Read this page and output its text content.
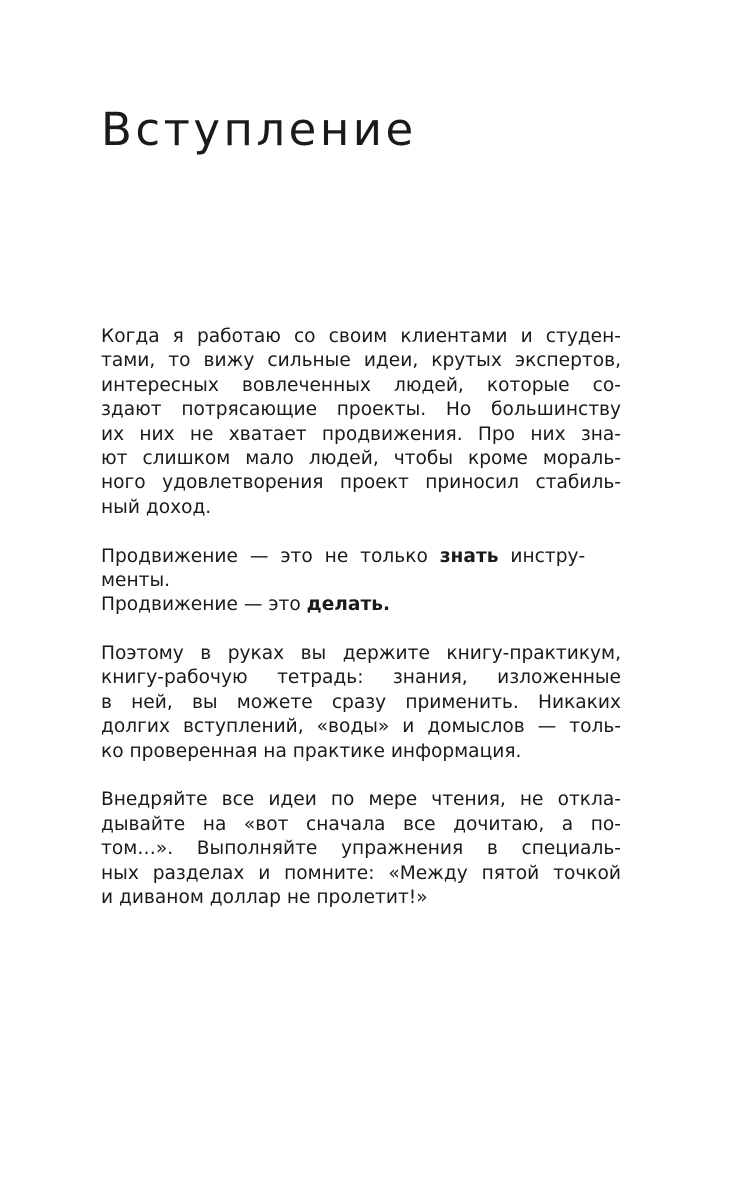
Вступление
Когда я работаю со своим клиентами и студен-
тами, то вижу сильные идеи, крутых экспертов,
интересных вовлеченных людей, которые со-
здают потрясающие проекты. Но большинству
их них не хватает продвижения. Про них зна-
ют слишком мало людей, чтобы кроме мораль-
ного удовлетворения проект приносил стабиль-
ный доход.
Продвижение — это не только знать инстру-
менты.
Продвижение — это делать.
Поэтому в руках вы держите книгу-практикум,
книгу-рабочую тетрадь: знания, изложенные
в ней, вы можете сразу применить. Никаких
долгих вступлений, «воды» и домыслов — толь-
ко проверенная на практике информация.
Внедряйте все идеи по мере чтения, не откла-
дывайте на «вот сначала все дочитаю, а по-
том…». Выполняйте упражнения в специаль-
ных разделах и помните: «Между пятой точкой
и диваном доллар не пролетит!»
